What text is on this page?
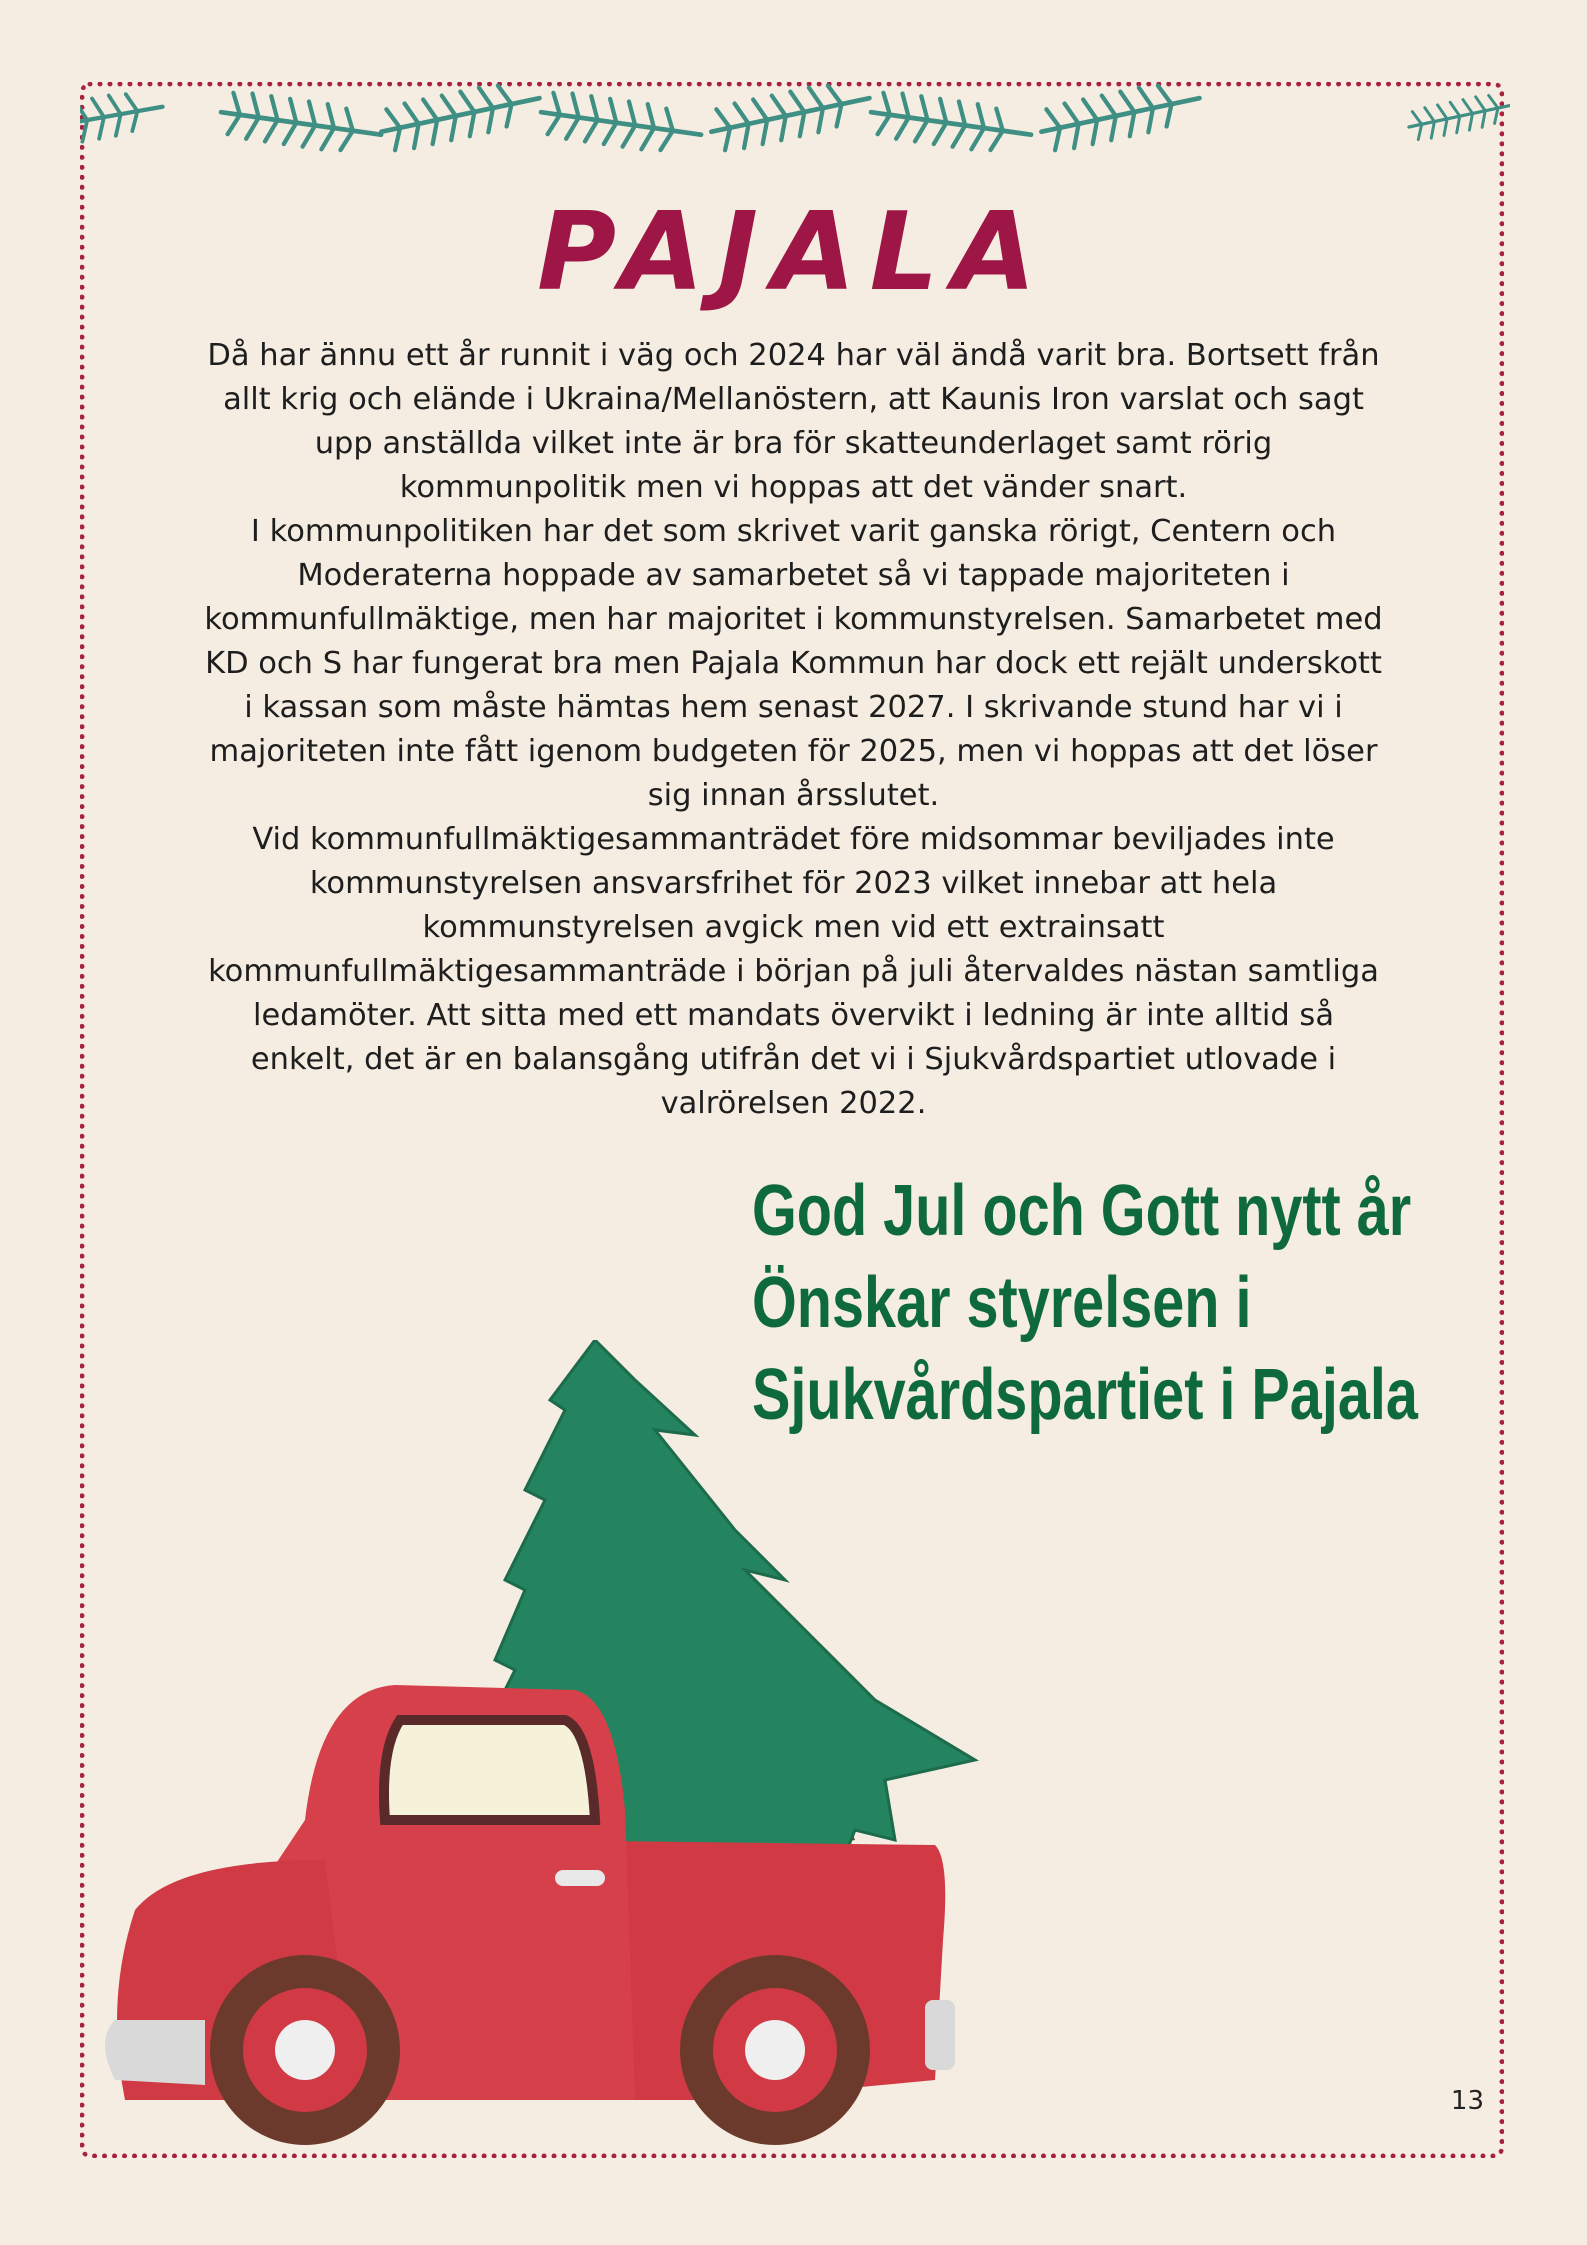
PAJALA

Då har ännu ett år runnit i väg och 2024 har väl ändå varit bra. Bortsett från allt krig och elände i Ukraina/Mellanöstern, att Kaunis Iron varslat och sagt upp anställda vilket inte är bra för skatteunderlaget samt rörig kommunpolitik men vi hoppas att det vänder snart.

I kommunpolitiken har det som skrivet varit ganska rörigt, Centern och Moderaterna hoppade av samarbetet så vi tappade majoriteten i kommunfullmäktige, men har majoritet i kommunstyrelsen. Samarbetet med KD och S har fungerat bra men Pajala Kommun har dock ett rejält underskott i kassan som måste hämtas hem senast 2027. I skrivande stund har vi i majoriteten inte fått igenom budgeten för 2025, men vi hoppas att det löser sig innan årsslutet.

Vid kommunfullmäktigesammanträdet före midsommar beviljades inte kommunstyrelsen ansvarsfrihet för 2023 vilket innebar att hela kommunstyrelsen avgick men vid ett extrainsatt kommunfullmäktigesammanträde i början på juli återvaldes nästan samtliga ledamöter. Att sitta med ett mandats övervikt i ledning är inte alltid så enkelt, det är en balansgång utifrån det vi i Sjukvårdspartiet utlovade i valrörelsen 2022.

God Jul och Gott nytt år
Önskar styrelsen i
Sjukvårdspartiet i Pajala
13
